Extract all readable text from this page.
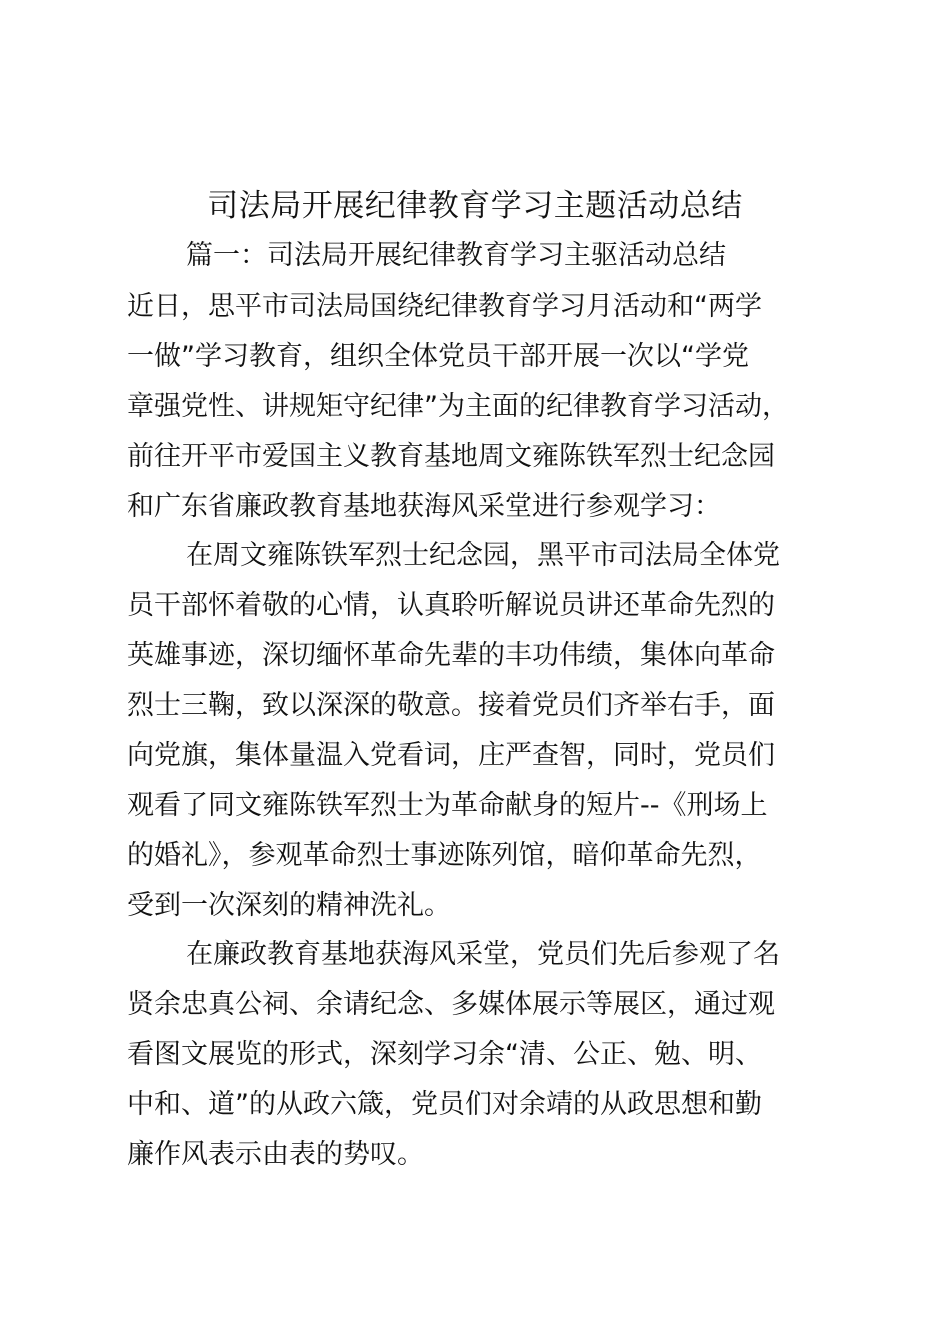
司法局开展纪律教育学习主题活动总结

篇一：司法局开展纪律教育学习主驱活动总结

近日，思平市司法局国绕纪律教育学习月活动和“两学
一做”学习教育，组织全体党员干部开展一次以“学党
章强党性、讲规矩守纪律”为主面的纪律教育学习活动，
前往开平市爱国主义教育基地周文雍陈铁军烈士纪念园
和广东省廉政教育基地获海风采堂进行参观学习：
在周文雍陈铁军烈士纪念园，黑平市司法局全体党
员干部怀着敬的心情，认真聆听解说员讲还革命先烈的
英雄事迹，深切缅怀革命先辈的丰功伟绩，集体向革命
烈士三鞠，致以深深的敬意。接着党员们齐举右手，面
向党旗，集体量温入党看词，庄严查智，同时，党员们
观看了同文雍陈铁军烈士为革命献身的短片--《刑场上
的婚礼》，参观革命烈士事迹陈列馆，暗仰革命先烈，
受到一次深刻的精神洗礼。
在廉政教育基地获海风采堂，党员们先后参观了名
贤余忠真公祠、余请纪念、多媒体展示等展区，通过观
看图文展览的形式，深刻学习余“清、公正、勉、明、
中和、道”的从政六箴，党员们对余靖的从政思想和勤
廉作风表示由表的势叹。
